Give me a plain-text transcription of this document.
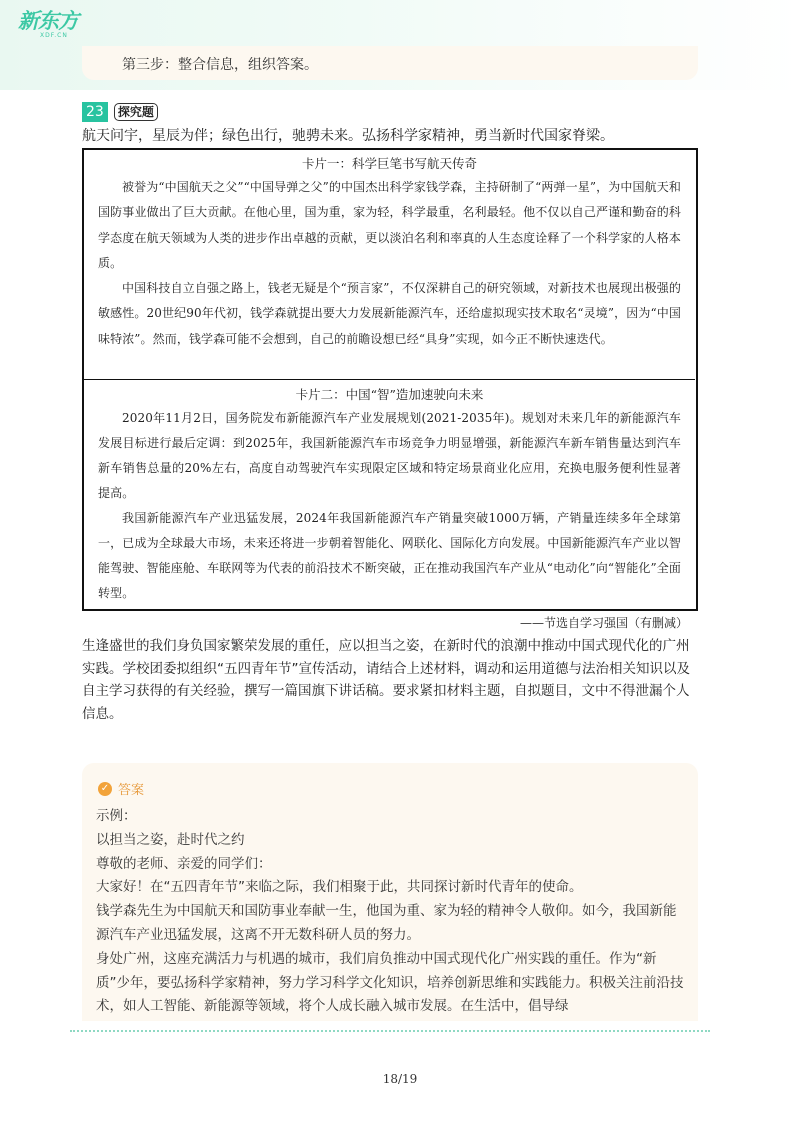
新东方
XDF.CN
第三步：整合信息，组织答案。
23	探究题
航天问宇，星辰为伴；绿色出行，驰骋未来。弘扬科学家精神，勇当新时代国家脊梁。
卡片一：科学巨笔书写航天传奇

被誉为“中国航天之父”“中国导弹之父”的中国杰出科学家钱学森，主持研制了“两弹一星”，为中国航天和国防事业做出了巨大贡献。在他心里，国为重，家为轻，科学最重，名利最轻。他不仅以自己严谨和勤奋的科学态度在航天领域为人类的进步作出卓越的贡献，更以淡泊名利和率真的人生态度诠释了一个科学家的人格本质。

中国科技自立自强之路上，钱老无疑是个“预言家”，不仅深耕自己的研究领域，对新技术也展现出极强的敏感性。20世纪90年代初，钱学森就提出要大力发展新能源汽车，还给虚拟现实技术取名“灵境”，因为“中国味特浓”。然而，钱学森可能不会想到，自己的前瞻设想已经“具身”实现，如今正不断快速迭代。

卡片二：中国“智”造加速驶向未来

2020年11月2日，国务院发布新能源汽车产业发展规划(2021-2035年)。规划对未来几年的新能源汽车发展目标进行最后定调：到2025年，我国新能源汽车市场竞争力明显增强，新能源汽车新车销售量达到汽车新车销售总量的20%左右，高度自动驾驶汽车实现限定区域和特定场景商业化应用，充换电服务便利性显著提高。

我国新能源汽车产业迅猛发展，2024年我国新能源汽车产销量突破1000万辆，产销量连续多年全球第一，已成为全球最大市场，未来还将进一步朝着智能化、网联化、国际化方向发展。中国新能源汽车产业以智能驾驶、智能座舱、车联网等为代表的前沿技术不断突破，正在推动我国汽车产业从“电动化”向“智能化”全面转型。

——节选自学习强国（有删减）
生逢盛世的我们身负国家繁荣发展的重任，应以担当之姿，在新时代的浪潮中推动中国式现代化的广州实践。学校团委拟组织“五四青年节”宣传活动，请结合上述材料，调动和运用道德与法治相关知识以及自主学习获得的有关经验，撰写一篇国旗下讲话稿。要求紧扣材料主题，自拟题目，文中不得泄漏个人信息。
✓ 答案
示例：
以担当之姿，赴时代之约
尊敬的老师、亲爱的同学们：
大家好！在“五四青年节”来临之际，我们相聚于此，共同探讨新时代青年的使命。
钱学森先生为中国航天和国防事业奉献一生，他国为重、家为轻的精神令人敬仰。如今，我国新能源汽车产业迅猛发展，这离不开无数科研人员的努力。
身处广州，这座充满活力与机遇的城市，我们肩负推动中国式现代化广州实践的重任。作为“新质”少年，要弘扬科学家精神，努力学习科学文化知识，培养创新思维和实践能力。积极关注前沿技术，如人工智能、新能源等领域，将个人成长融入城市发展。在生活中，倡导绿
18/19
